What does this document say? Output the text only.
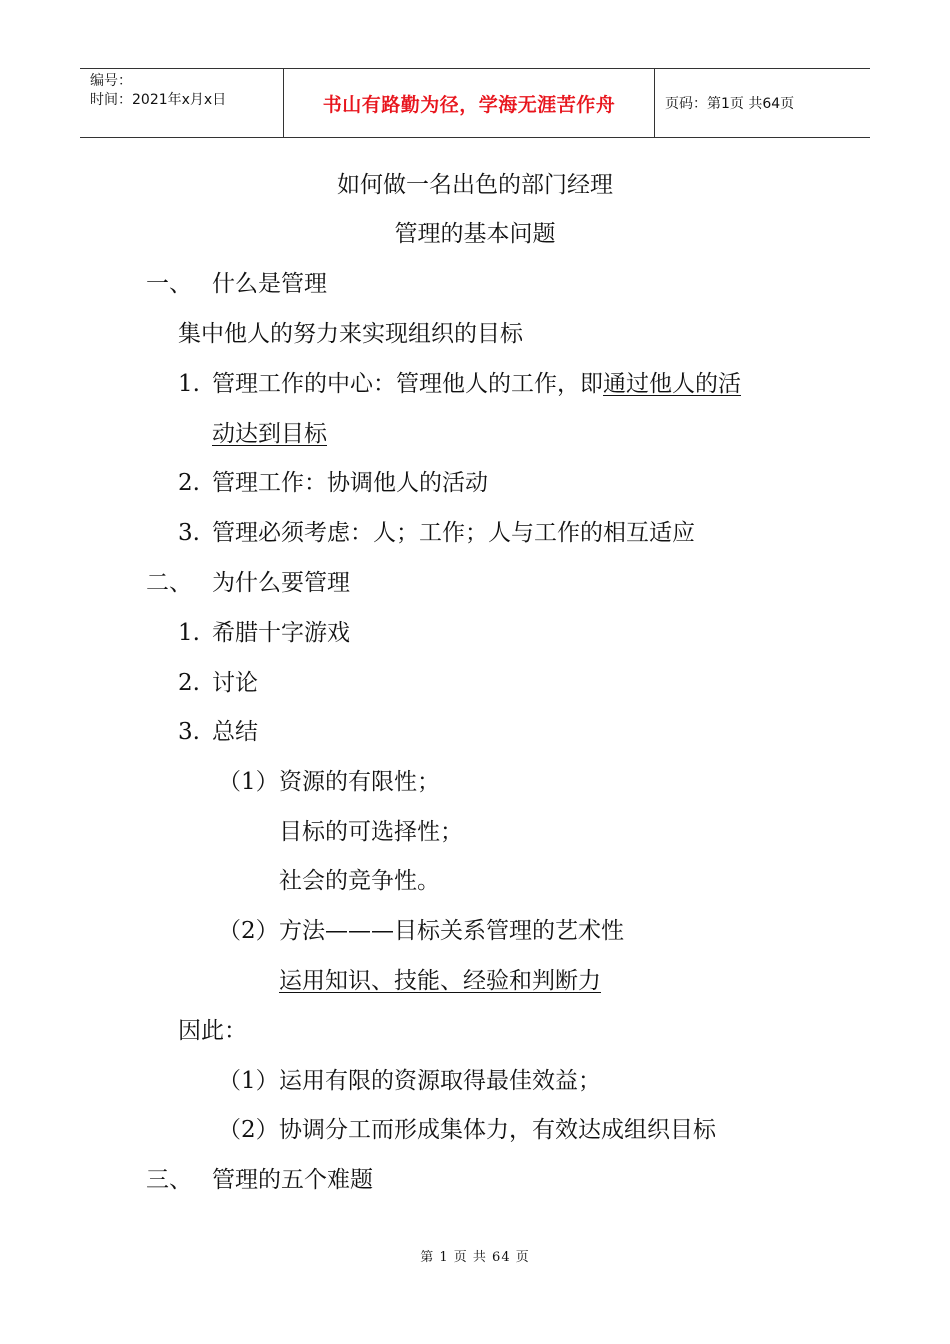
编号：
时间：2021年x月x日	书山有路勤为径，学海无涯苦作舟	页码：第1页 共64页
如何做一名出色的部门经理
管理的基本问题
一、 什么是管理
集中他人的努力来实现组织的目标
1. 管理工作的中心：管理他人的工作，即通过他人的活
动达到目标
2. 管理工作：协调他人的活动
3. 管理必须考虑：人；工作；人与工作的相互适应
二、 为什么要管理
1. 希腊十字游戏
2. 讨论
3. 总结
（1） 资源的有限性；
目标的可选择性；
社会的竞争性。
（2） 方法———目标关系管理的艺术性
运用知识、技能、经验和判断力
因此：
（1） 运用有限的资源取得最佳效益；
（2） 协调分工而形成集体力，有效达成组织目标
三、 管理的五个难题
第 1 页 共 64 页
